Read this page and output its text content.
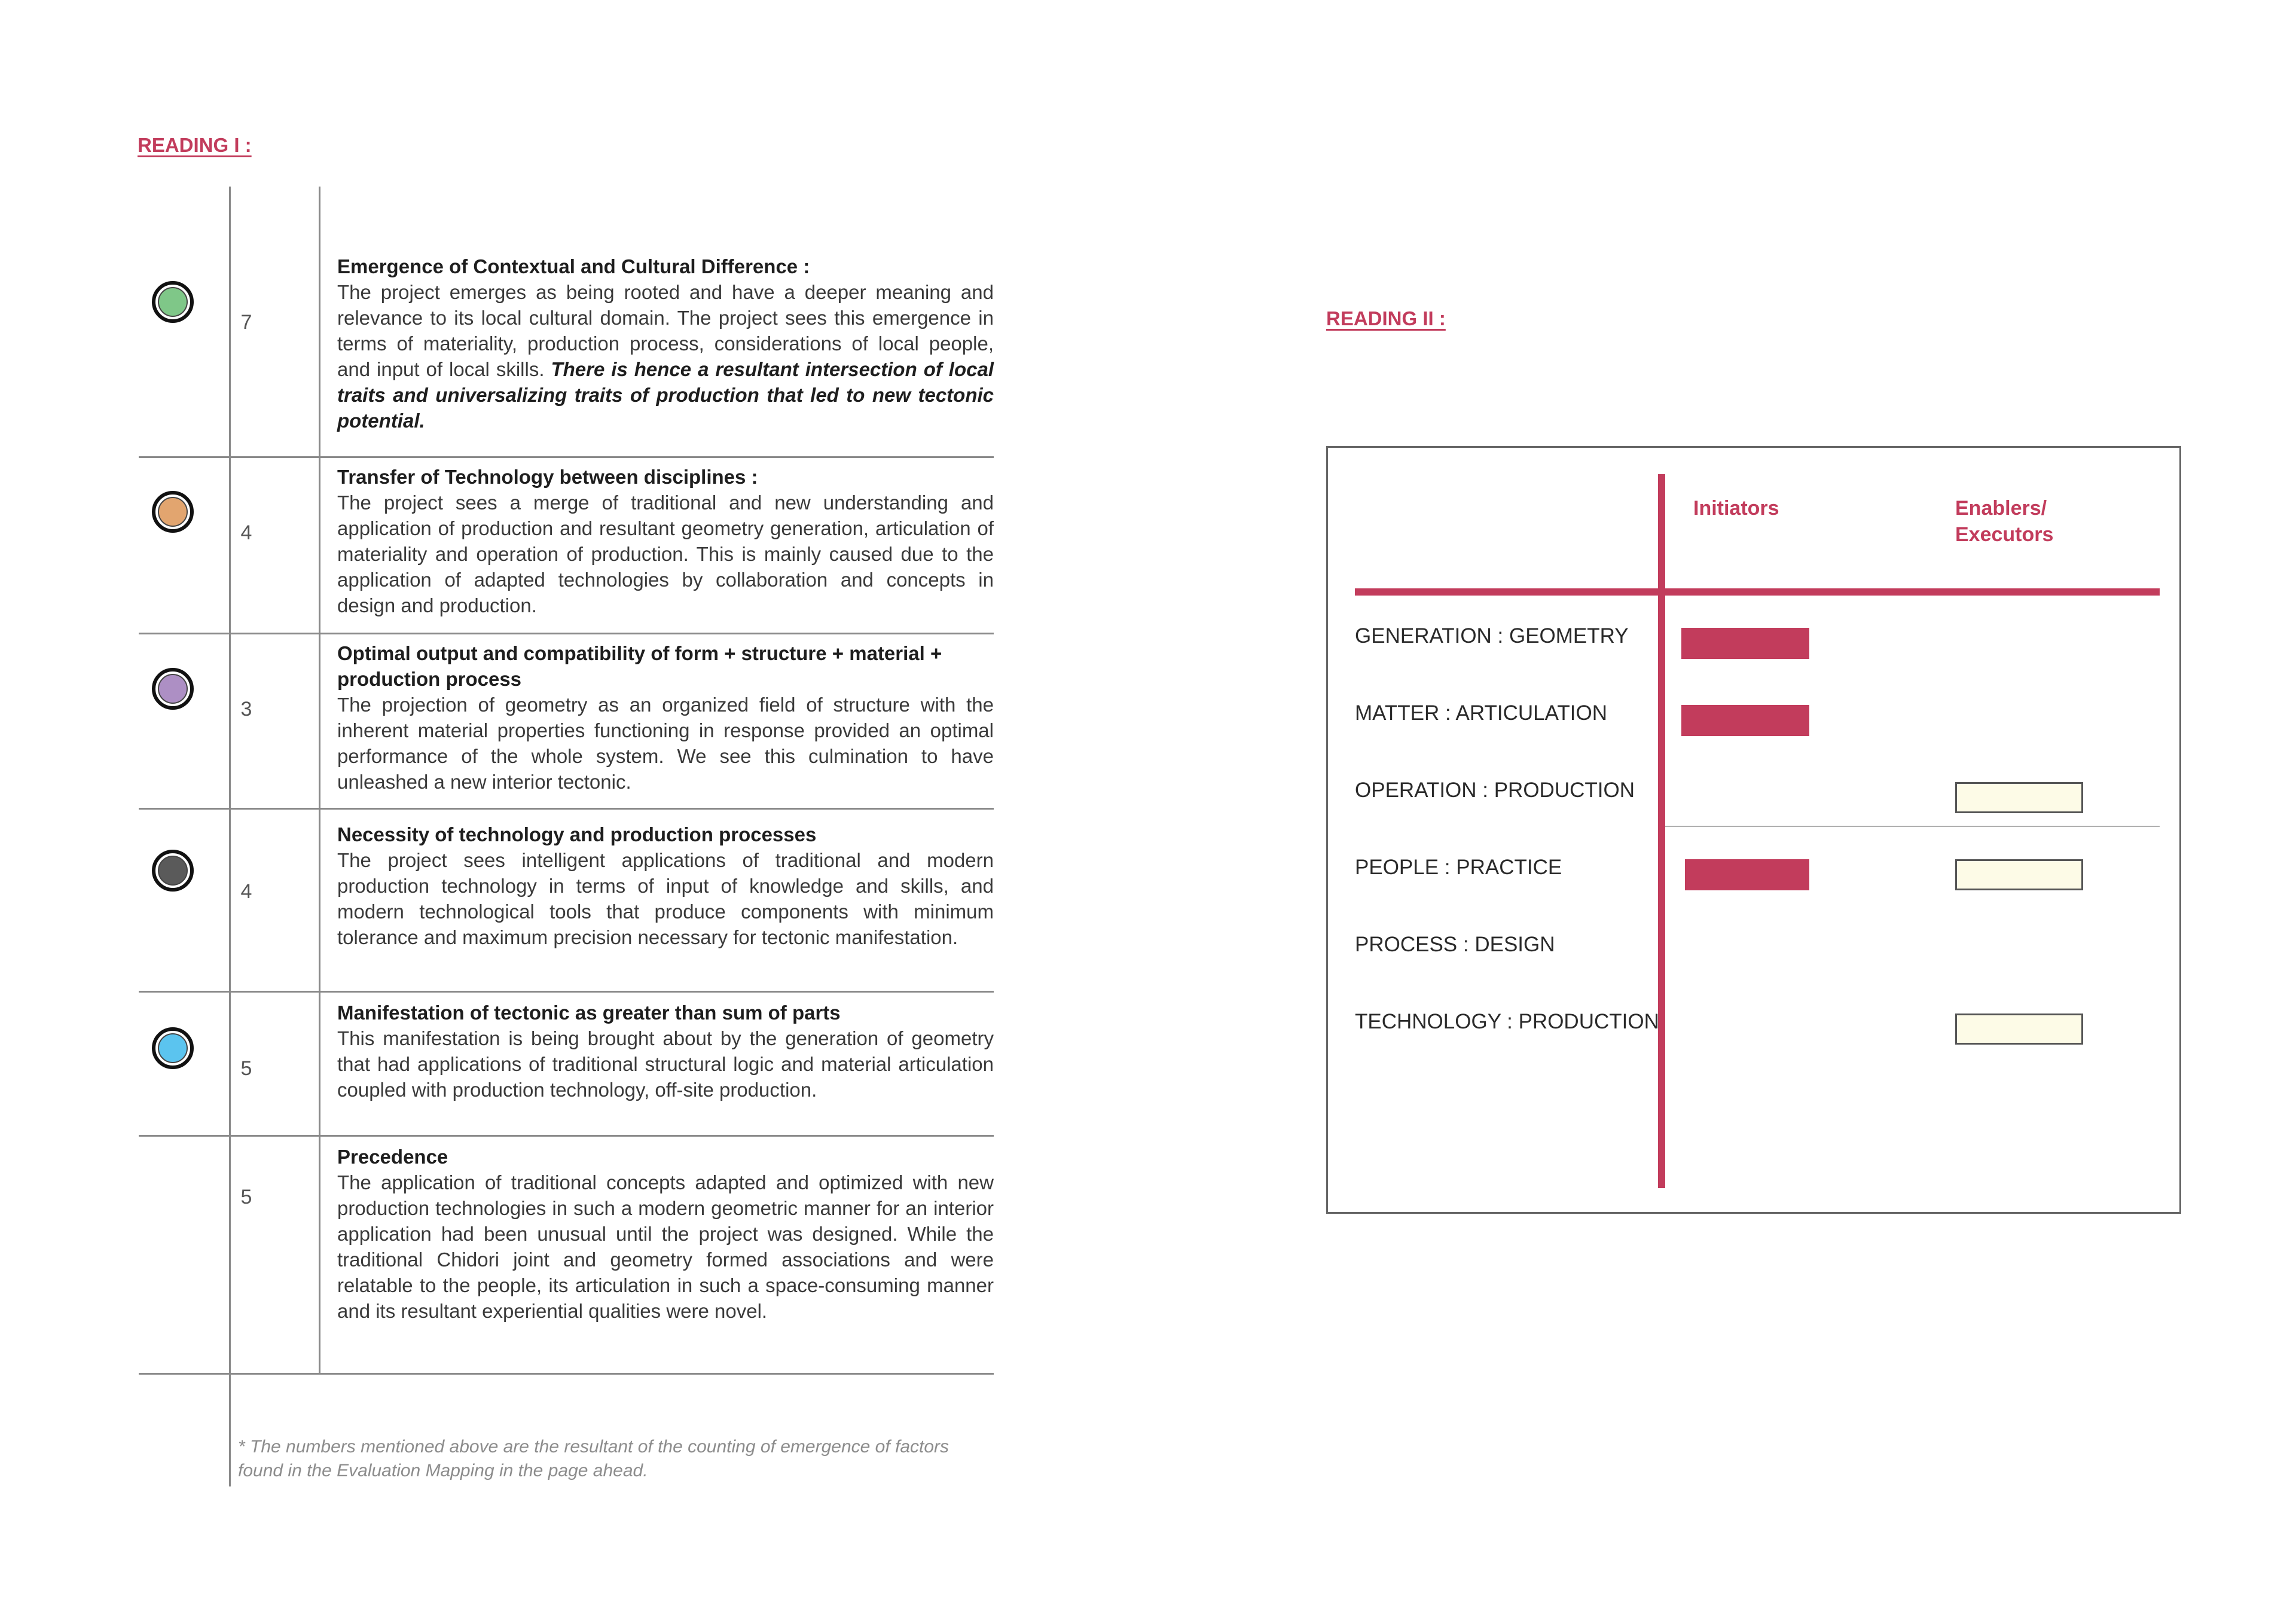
READING I :
7
Emergence of Contextual and Cultural Difference :
The project emerges as being rooted and have a deeper meaning and relevance to its local cultural domain. The project sees this emergence in terms of materiality, production process, considerations of local people, and input of local skills. There is hence a resultant intersection of local traits and universalizing traits of production that led to new tectonic potential.
4
Transfer of Technology between disciplines :
The project sees a merge of traditional and new understanding and application of production and resultant geometry generation, articulation of materiality and operation of production. This is mainly caused due to the application of adapted technologies by collaboration and concepts in design and production.
3
Optimal output and compatibility of form + structure + material + production process
The projection of geometry as an organized field of structure with the inherent material properties functioning in response provided an optimal performance of the whole system. We see this culmination to have unleashed a new interior tectonic.
4
Necessity of technology and production processes
The project sees intelligent applications of traditional and modern production technology in terms of input of knowledge and skills, and modern technological tools that produce components with minimum tolerance and maximum precision necessary for tectonic manifestation.
5
Manifestation of tectonic as greater than sum of parts
This manifestation is being brought about by the generation of geometry that had applications of traditional structural logic and material articulation coupled with production technology, off-site production.
5
Precedence
The application of traditional concepts adapted and optimized with new production technologies in such a modern geometric manner for an interior application had been unusual until the project was designed. While the traditional Chidori joint and geometry formed associations and were relatable to the people, its articulation in such a space-consuming manner and its resultant experiential qualities were novel.
* The numbers mentioned above are the resultant of the counting of emergence of factors found in the Evaluation Mapping in the page ahead.
READING II :
Initiators	Enablers/
Executors
GENERATION : GEOMETRY
MATTER : ARTICULATION
OPERATION : PRODUCTION
PEOPLE : PRACTICE
PROCESS : DESIGN
TECHNOLOGY : PRODUCTION
